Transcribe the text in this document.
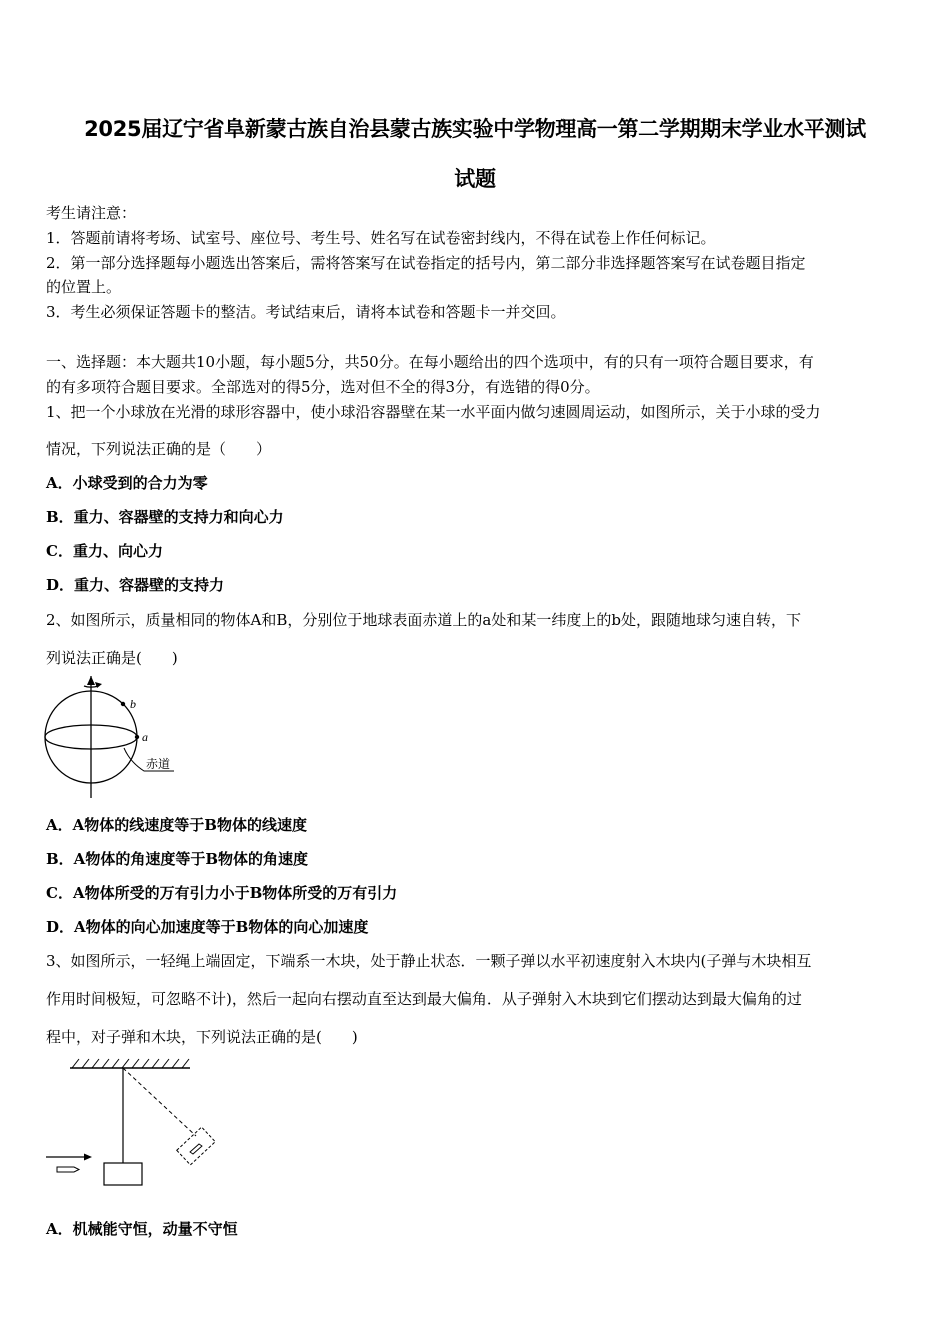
2025届辽宁省阜新蒙古族自治县蒙古族实验中学物理高一第二学期期末学业水平测试
试题
考生请注意：
1．答题前请将考场、试室号、座位号、考生号、姓名写在试卷密封线内，不得在试卷上作任何标记。
2．第一部分选择题每小题选出答案后，需将答案写在试卷指定的括号内，第二部分非选择题答案写在试卷题目指定
的位置上。
3．考生必须保证答题卡的整洁。考试结束后，请将本试卷和答题卡一并交回。
一、选择题：本大题共10小题，每小题5分，共50分。在每小题给出的四个选项中，有的只有一项符合题目要求，有
的有多项符合题目要求。全部选对的得5分，选对但不全的得3分，有选错的得0分。
1、把一个小球放在光滑的球形容器中，使小球沿容器壁在某一水平面内做匀速圆周运动，如图所示，关于小球的受力
情况，下列说法正确的是（　　）
A．小球受到的合力为零
B．重力、容器壁的支持力和向心力
C．重力、向心力
D．重力、容器壁的支持力
2、如图所示，质量相同的物体A和B，分别位于地球表面赤道上的a处和某一纬度上的b处，跟随地球匀速自转，下
列说法正确是(　　)
b
a
赤道
A．A物体的线速度等于B物体的线速度
B．A物体的角速度等于B物体的角速度
C．A物体所受的万有引力小于B物体所受的万有引力
D．A物体的向心加速度等于B物体的向心加速度
3、如图所示，一轻绳上端固定，下端系一木块，处于静止状态．一颗子弹以水平初速度射入木块内(子弹与木块相互
作用时间极短，可忽略不计)，然后一起向右摆动直至达到最大偏角．从子弹射入木块到它们摆动达到最大偏角的过
程中，对子弹和木块，下列说法正确的是(　　)
A．机械能守恒，动量不守恒
